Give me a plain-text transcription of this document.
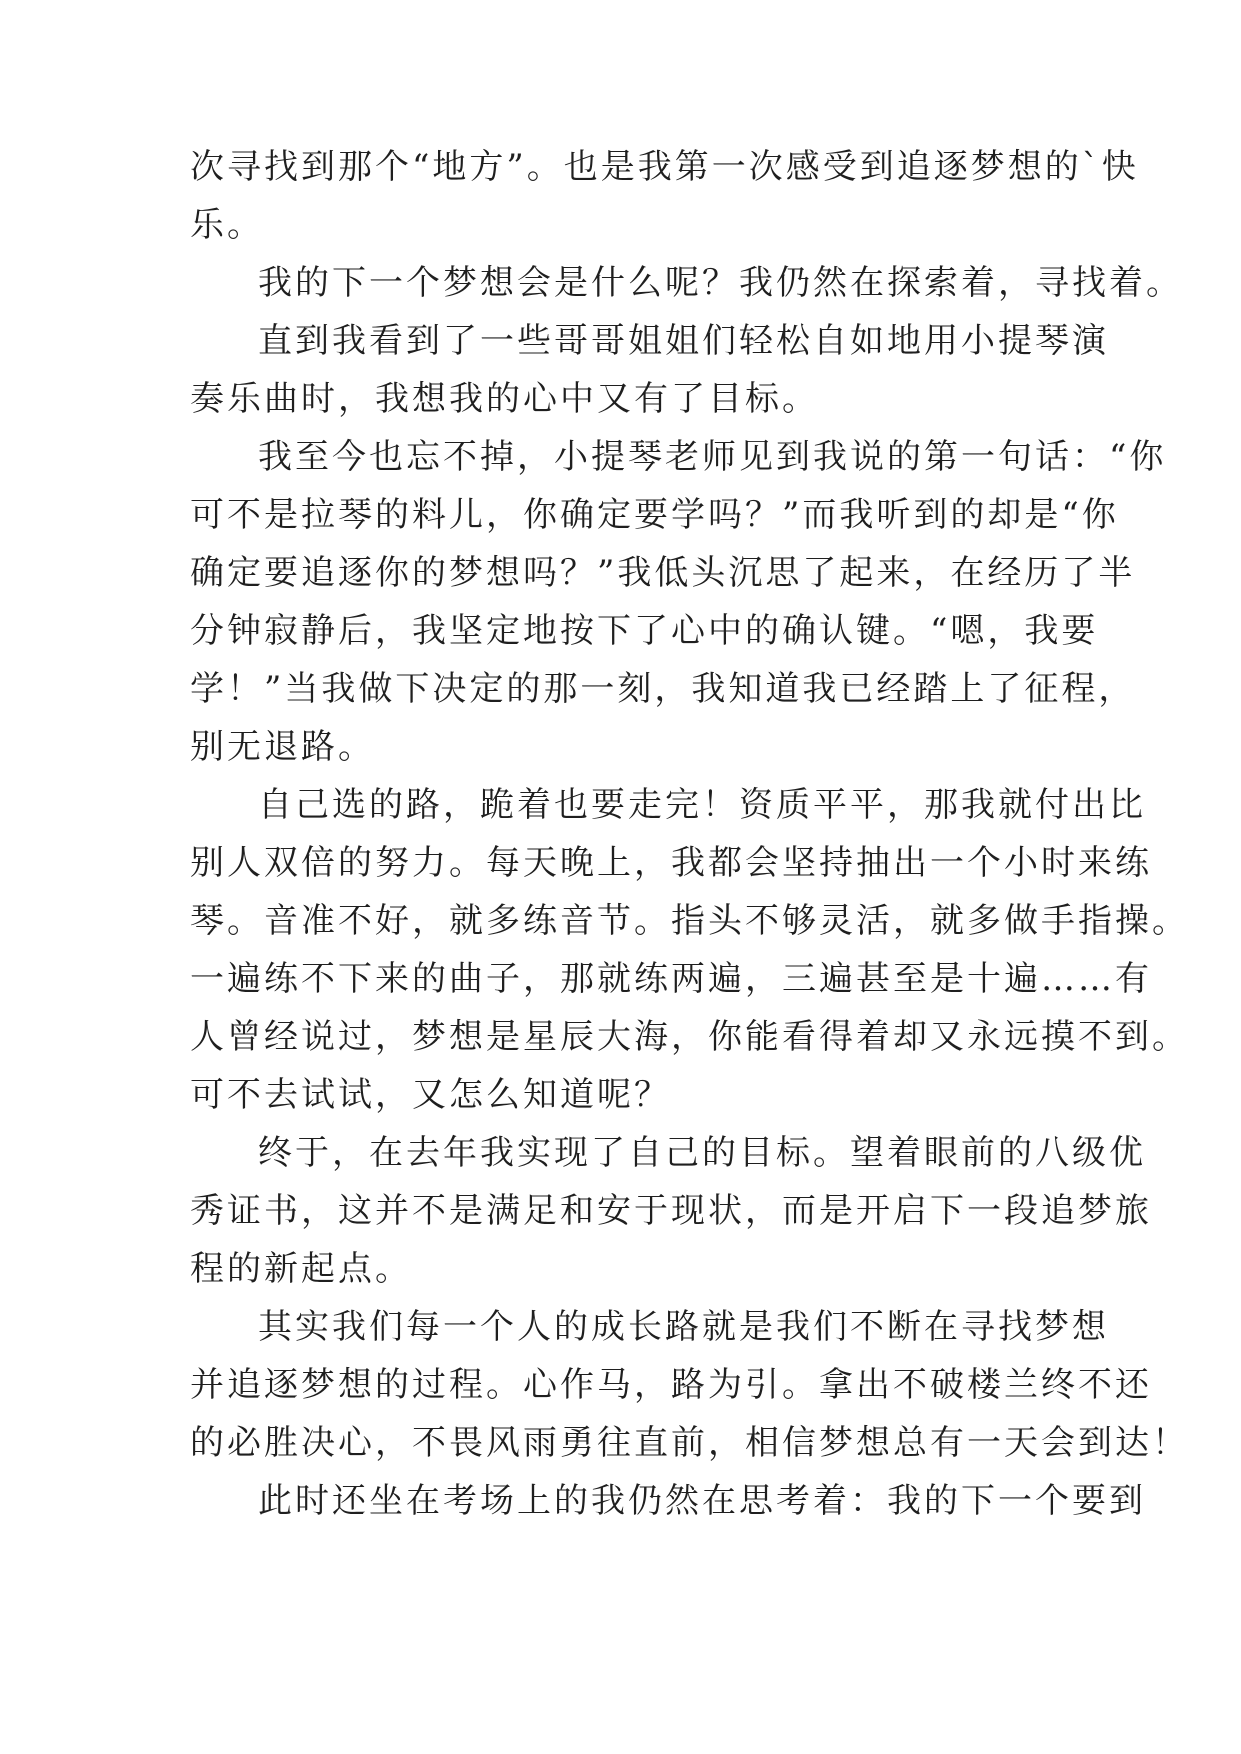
次寻找到那个“地方”。也是我第一次感受到追逐梦想的`快

乐。

我的下一个梦想会是什么呢？我仍然在探索着，寻找着。

直到我看到了一些哥哥姐姐们轻松自如地用小提琴演

奏乐曲时，我想我的心中又有了目标。

我至今也忘不掉，小提琴老师见到我说的第一句话：“你

可不是拉琴的料儿，你确定要学吗？”而我听到的却是“你

确定要追逐你的梦想吗？”我低头沉思了起来，在经历了半

分钟寂静后，我坚定地按下了心中的确认键。“嗯，我要

学！”当我做下决定的那一刻，我知道我已经踏上了征程，

别无退路。

自己选的路，跪着也要走完！资质平平，那我就付出比

别人双倍的努力。每天晚上，我都会坚持抽出一个小时来练

琴。音准不好，就多练音节。指头不够灵活，就多做手指操。

一遍练不下来的曲子，那就练两遍，三遍甚至是十遍……有

人曾经说过，梦想是星辰大海，你能看得着却又永远摸不到。

可不去试试，又怎么知道呢？

终于，在去年我实现了自己的目标。望着眼前的八级优

秀证书，这并不是满足和安于现状，而是开启下一段追梦旅

程的新起点。

其实我们每一个人的成长路就是我们不断在寻找梦想

并追逐梦想的过程。心作马，路为引。拿出不破楼兰终不还

的必胜决心，不畏风雨勇往直前，相信梦想总有一天会到达！

此时还坐在考场上的我仍然在思考着：我的下一个要到
